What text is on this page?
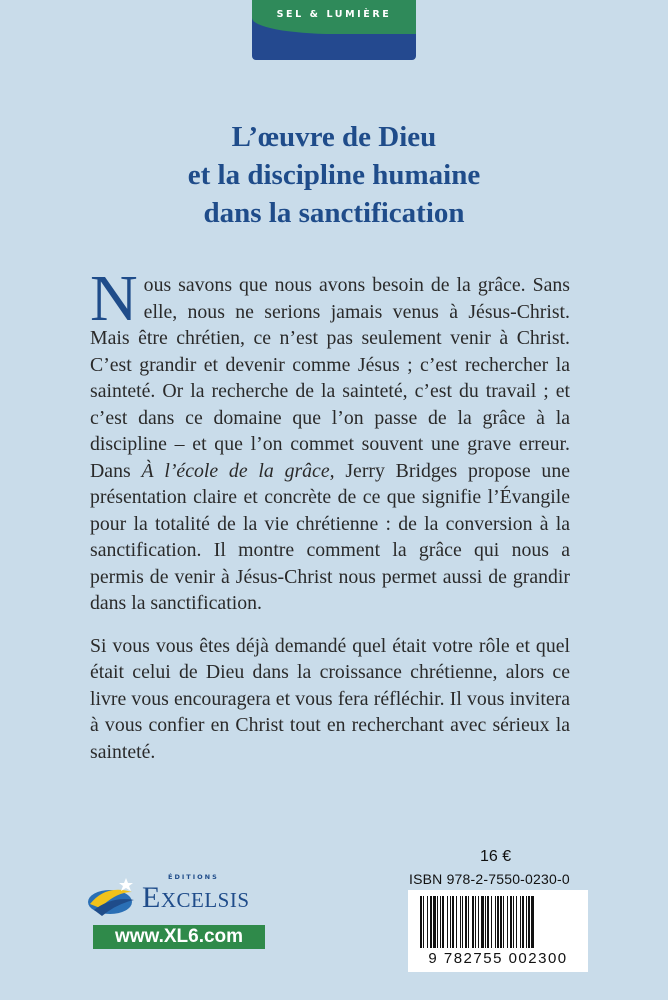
SEL & LUMIÈRE
L’œuvre de Dieu
et la discipline humaine
dans la sanctification

Nous savons que nous avons besoin de la grâce. Sans elle, nous ne serions jamais venus à Jésus-Christ. Mais être chrétien, ce n’est pas seulement venir à Christ. C’est grandir et devenir comme Jésus ; c’est rechercher la sainteté. Or la recherche de la sainteté, c’est du travail ; et c’est dans ce domaine que l’on passe de la grâce à la discipline – et que l’on commet souvent une grave erreur. Dans À l’école de la grâce, Jerry Bridges propose une présentation claire et concrète de ce que signifie l’Évangile pour la totalité de la vie chrétienne : de la conversion à la sanctification. Il montre comment la grâce qui nous a permis de venir à Jésus-Christ nous permet aussi de grandir dans la sanctification.

Si vous vous êtes déjà demandé quel était votre rôle et quel était celui de Dieu dans la croissance chrétienne, alors ce livre vous encouragera et vous fera réfléchir. Il vous invitera à vous confier en Christ tout en recherchant avec sérieux la sainteté.

ÉDITIONS
Excelsis
www.XL6.com
16 €
ISBN 978-2-7550-0230-0
9 782755 002300
